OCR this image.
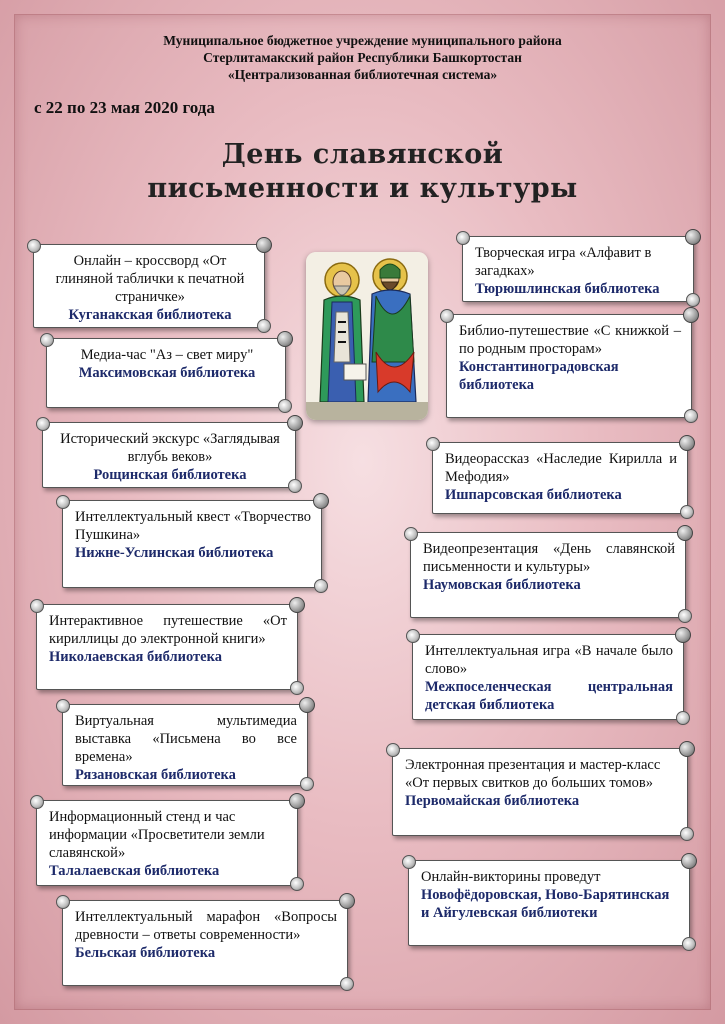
Муниципальное бюджетное учреждение муниципального района
Стерлитамакский район Республики Башкортостан
«Централизованная библиотечная система»
с 22 по 23 мая 2020 года
День славянской
письменности и культуры
Онлайн – кроссворд «От глиняной таблички к печатной страничке»
Куганакская библиотека
Медиа-час "Аз – свет миру"
Максимовская библиотека
Исторический экскурс «Заглядывая вглубь веков»
Рощинская библиотека
Интеллектуальный квест «Творчество Пушкина»
Нижне-Услинская библиотека
Интерактивное путешествие «От кириллицы до электронной книги»
Николаевская библиотека
Виртуальная мультимедиа выставка «Письмена во все времена»
Рязановская библиотека
Информационный стенд и час информации «Просветители земли славянской»
Талалаевская библиотека
Интеллектуальный марафон «Вопросы древности – ответы современности»
Бельская библиотека
Творческая игра «Алфавит в загадках»
Тюрюшлинская библиотека
Библио-путешествие «С книжкой – по родным просторам»
Константиноградовская библиотека
Видеорассказ «Наследие Кирилла и Мефодия»
Ишпарсовская библиотека
Видеопрезентация «День славянской письменности и культуры»
Наумовская библиотека
Интеллектуальная игра «В начале было слово»
Межпоселенческая центральная детская библиотека
Электронная презентация и мастер-класс «От первых свитков до больших томов»
Первомайская библиотека
Онлайн-викторины проведут
Новофёдоровская, Ново-Барятинская и Айгулевская библиотеки
